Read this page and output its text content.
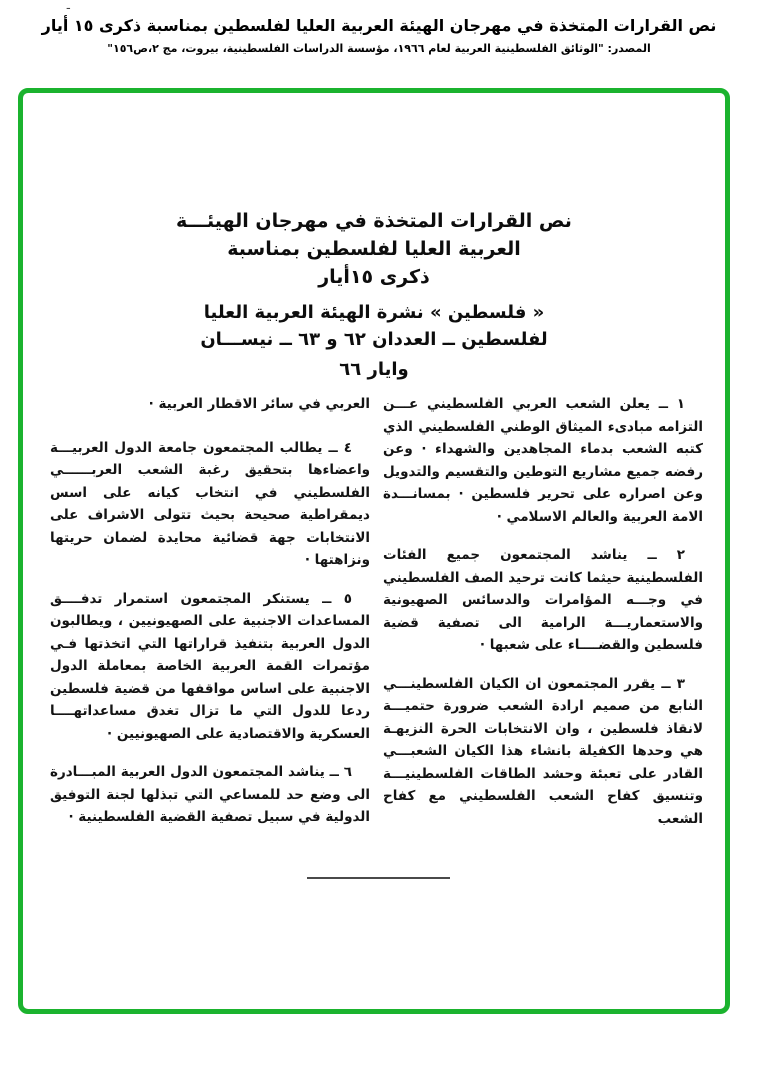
-
نص القرارات المتخذة في مهرجان الهيئة العربية العليا لفلسطين بمناسبة ذكرى ١٥ أيار
المصدر: "الوثائق الفلسطينية العربية لعام ١٩٦٦، مؤسسة الدراسات الفلسطينية، بيروت، مج ٢،ص١٥٦"
نص القرارات المتخذة في مهرجان الهيئـــة
العربية العليا لفلسطين بمناسبة
ذكرى ١٥أيار
« فلسطين » نشرة الهيئة العربية العليا
لفلسطين ــ العددان ٦٢ و ٦٣ ــ نيســـان
وايار ٦٦

١ ــ يعلن الشعب العربي الفلسطيني عـــن التزامه مبادىء الميثاق الوطني الفلسطيني الذي كتبه الشعب بدماء المجاهدين والشهداء · وعن رفضه جميع مشاريع التوطين والتقسيم والتدويل وعن اصراره على تحرير فلسطين · بمسانـــدة الامة العربية والعالم الاسلامي ·

٢ ــ يناشد المجتمعون جميع الفئات الفلسطينية حيثما كانت ترحيد الصف الفلسطيني في وجـــه المؤامرات والدسائس الصهيونية والاستعماريـــة الرامية الى تصفية قضية فلسطين والقضــــاء على شعبها ·

٣ ــ يقرر المجتمعون ان الكيان الفلسطينـــي النابع من صميم ارادة الشعب ضرورة حتميـــة لانقاذ فلسطين ، وان الانتخابات الحرة النزيهـة هي وحدها الكفيلة بانشاء هذا الكيان الشعبـــي القادر على تعبئة وحشد الطاقات الفلسطينيـــة وتنسيق كفاح الشعب الفلسطيني مع كفاح الشعب

العربي في سائر الاقطار العربية ·

٤ ــ يطالب المجتمعون جامعة الدول العربيـــة واعضاءها بتحقيق رغبة الشعب العربــــــي الفلسطيني في انتخاب كيانه على اسس ديمقراطية صحيحة بحيث تتولى الاشراف على الانتخابات جهة قضائية محايدة لضمان حريتها ونزاهتها ·

٥ ــ يستنكر المجتمعون استمرار تدفــــق المساعدات الاجنبية على الصهيونيين ، ويطالبون الدول العربية بتنفيذ قراراتها التي اتخذتها فـي مؤتمرات القمة العربية الخاصة بمعاملة الدول الاجنبية على اساس مواقفها من قضية فلسطين ردعا للدول التي ما تزال تغدق مساعداتهــــا العسكرية والاقتصادية على الصهيونيين ·

٦ ــ يناشد المجتمعون الدول العربية المبـــادرة الى وضع حد للمساعي التي تبذلها لجنة التوفيق الدولية في سبيل تصفية القضية الفلسطينية ·
